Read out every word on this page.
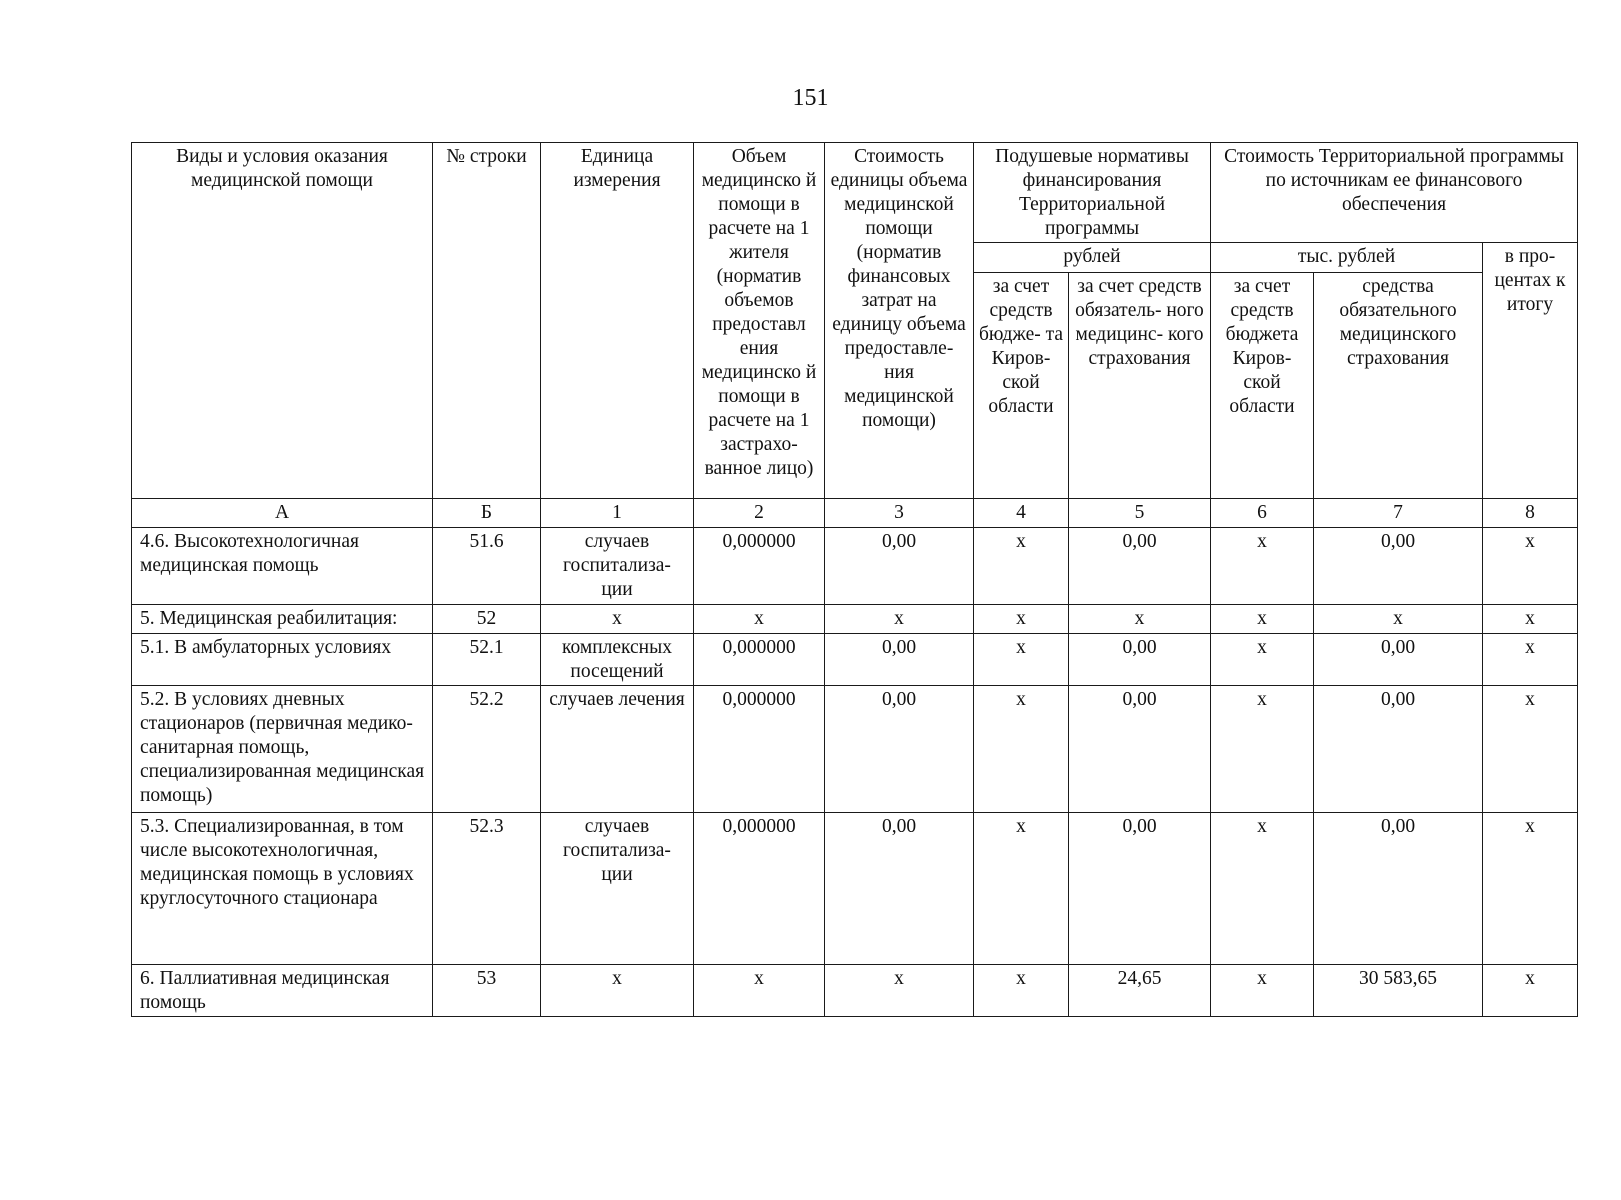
151
Виды и условия оказания медицинской помощи	№ строки	Единица измерения	Объем медицинско й помощи в расчете на 1 жителя (норматив объемов предоставл ения медицинско й помощи в расчете на 1 застрахо- ванное лицо)	Стоимость единицы объема медицинской помощи (норматив финансовых затрат на единицу объема предоставле- ния медицинской помощи)	Подушевые нормативы финансирования Территориальной программы		Стоимость Территориальной программы по источникам ее финансового обеспечения		
					рублей		тыс. рублей		в про- центах к итогу
					за счет средств бюдже- та Киров- ской области	за счет средств обязатель- ного медицинс- кого страхования	за счет средств бюджета Киров- ской области	средства обязательного медицинского страхования	
А	Б	1	2	3	4	5	6	7	8
4.6. Высокотехнологичная медицинская помощь	51.6	случаев госпитализа- ции	0,000000	0,00	х	0,00	х	0,00	х
5. Медицинская реабилитация:	52	х	х	х	х	х	х	х	х
5.1. В амбулаторных условиях	52.1	комплексных посещений	0,000000	0,00	х	0,00	х	0,00	х
5.2. В условиях дневных стационаров (первичная медико-санитарная помощь, специализированная медицинская помощь)	52.2	случаев лечения	0,000000	0,00	х	0,00	х	0,00	х
5.3. Специализированная, в том числе высокотехнологичная, медицинская помощь в условиях круглосуточного стационара	52.3	случаев госпитализа- ции	0,000000	0,00	х	0,00	х	0,00	х
6. Паллиативная медицинская помощь	53	х	х	х	х	24,65	х	30 583,65	х
